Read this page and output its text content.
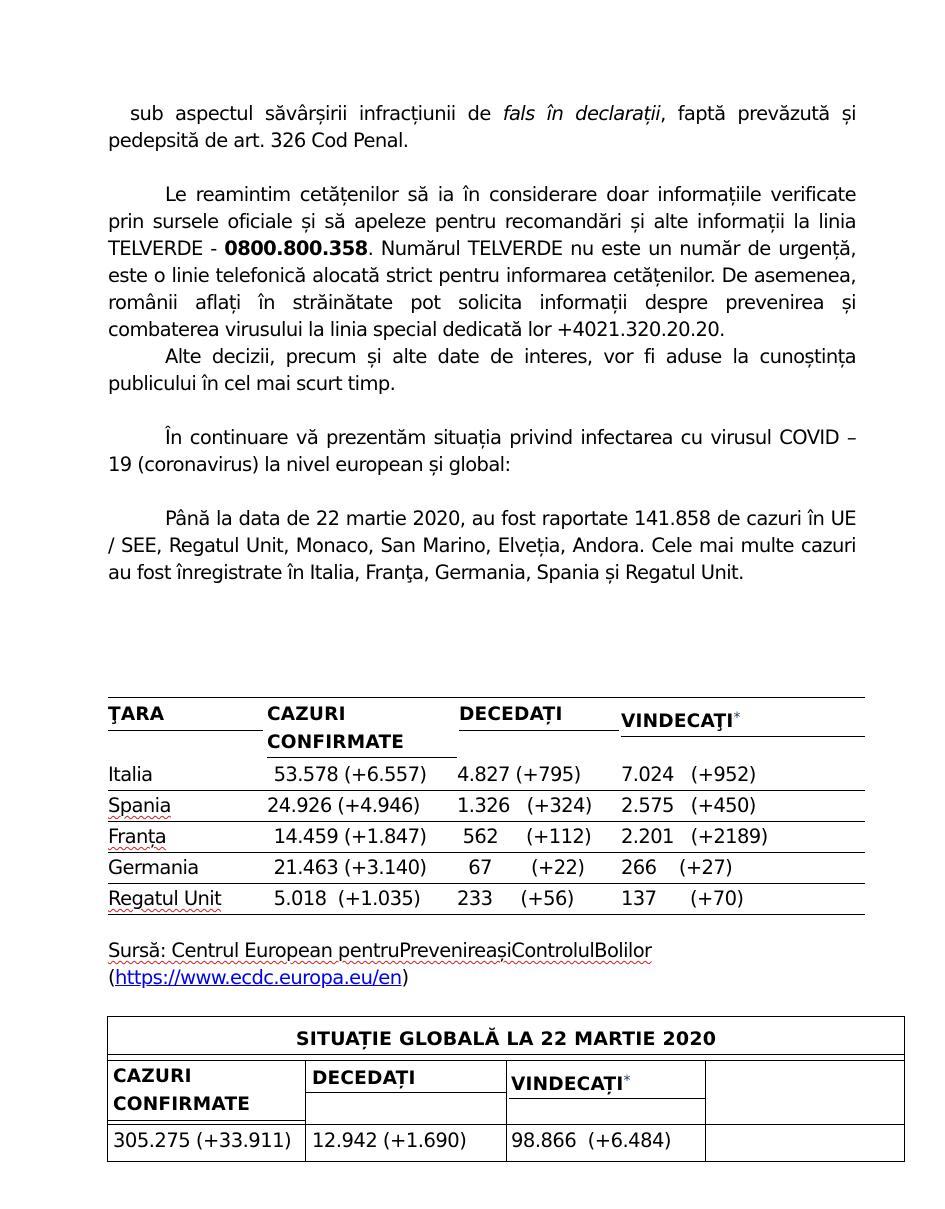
sub aspectul săvârșirii infracțiunii de fals în declarații, faptă prevăzută și pedepsită de art. 326 Cod Penal.

Le reamintim cetățenilor să ia în considerare doar informațiile verificate prin sursele oficiale și să apeleze pentru recomandări și alte informații la linia TELVERDE - 0800.800.358. Numărul TELVERDE nu este un număr de urgență, este o linie telefonică alocată strict pentru informarea cetățenilor. De asemenea, românii aflați în străinătate pot solicita informații despre prevenirea și combaterea virusului la linia special dedicată lor +4021.320.20.20.

Alte decizii, precum și alte date de interes, vor fi aduse la cunoștința publicului în cel mai scurt timp.

În continuare vă prezentăm situația privind infectarea cu virusul COVID – 19 (coronavirus) la nivel european și global:

Până la data de 22 martie 2020, au fost raportate 141.858 de cazuri în UE / SEE, Regatul Unit, Monaco, San Marino, Elveția, Andora. Cele mai multe cazuri au fost înregistrate în Italia, Franţa, Germania, Spania și Regatul Unit.

ŢARA	CAZURI
CONFIRMATE
DECEDAȚI	VINDECAŢI*
Italia	53.578 (+6.557) 4.827 (+795) 7.024   (+952)
Spania	24.926 (+4.946) 1.326   (+324) 2.575   (+450)
Franța	14.459 (+1.847) 562     (+112) 2.201   (+2189)
Germania	21.463 (+3.140) 67       (+22) 266    (+27)
Regatul Unit 5.018  (+1.035) 233     (+56) 137      (+70)
Sursă: Centrul European pentruPrevenireașiControlulBolilor
(https://www.ecdc.europa.eu/en)
SITUAȚIE GLOBALĂ LA 22 MARTIE 2020
CAZURI
CONFIRMATE
DECEDAȚI	VINDECAȚI*
305.275 (+33.911) 12.942 (+1.690) 98.866  (+6.484)
